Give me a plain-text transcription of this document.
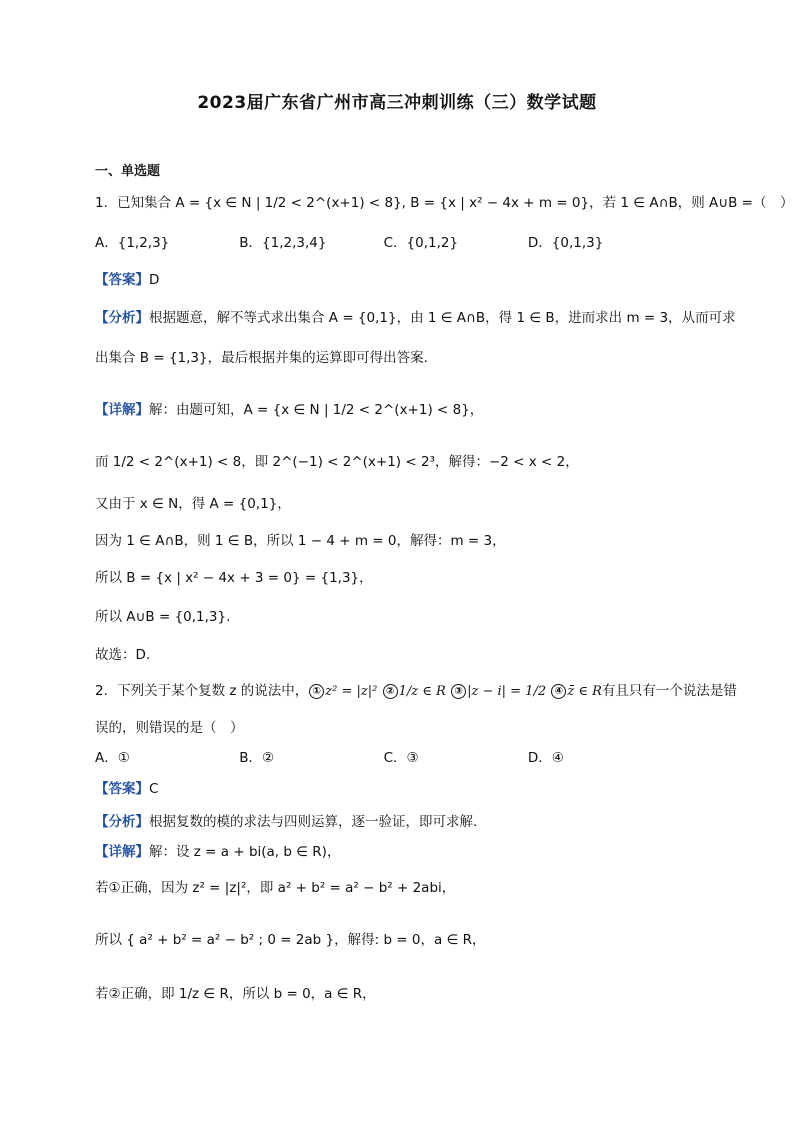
2023届广东省广州市高三冲刺训练（三）数学试题
一、单选题
1．已知集合 A = {x ∈ N | 1/2 < 2^(x+1) < 8}, B = {x | x² − 4x + m = 0}，若 1 ∈ A∩B，则 A∪B =（　）
A．{1,2,3}	B．{1,2,3,4}	C．{0,1,2}	D．{0,1,3}
【答案】D
【分析】根据题意，解不等式求出集合 A = {0,1}，由 1 ∈ A∩B，得 1 ∈ B，进而求出 m = 3，从而可求
出集合 B = {1,3}，最后根据并集的运算即可得出答案.
【详解】解：由题可知，A = {x ∈ N | 1/2 < 2^(x+1) < 8}，
而 1/2 < 2^(x+1) < 8，即 2^(−1) < 2^(x+1) < 2³，解得：−2 < x < 2，
又由于 x ∈ N，得 A = {0,1}，
因为 1 ∈ A∩B，则 1 ∈ B，所以 1 − 4 + m = 0，解得：m = 3，
所以 B = {x | x² − 4x + 3 = 0} = {1,3}，
所以 A∪B = {0,1,3}.
故选：D.
2．下列关于某个复数 z 的说法中， ① z² = |z|² ② 1/z ∈ R ③ |z − i| = 1/2 ④ z̄ ∈ R有且只有一个说法是错
误的，则错误的是（　）
A．①	B．②	C．③	D．④
【答案】C
【分析】根据复数的模的求法与四则运算，逐一验证，即可求解.
【详解】解：设 z = a + bi(a, b ∈ R)，
若①正确，因为 z² = |z|²，即 a² + b² = a² − b² + 2abi，
所以 { a² + b² = a² − b² ; 0 = 2ab }，解得: b = 0，a ∈ R，
若②正确，即 1/z ∈ R，所以 b = 0，a ∈ R，
